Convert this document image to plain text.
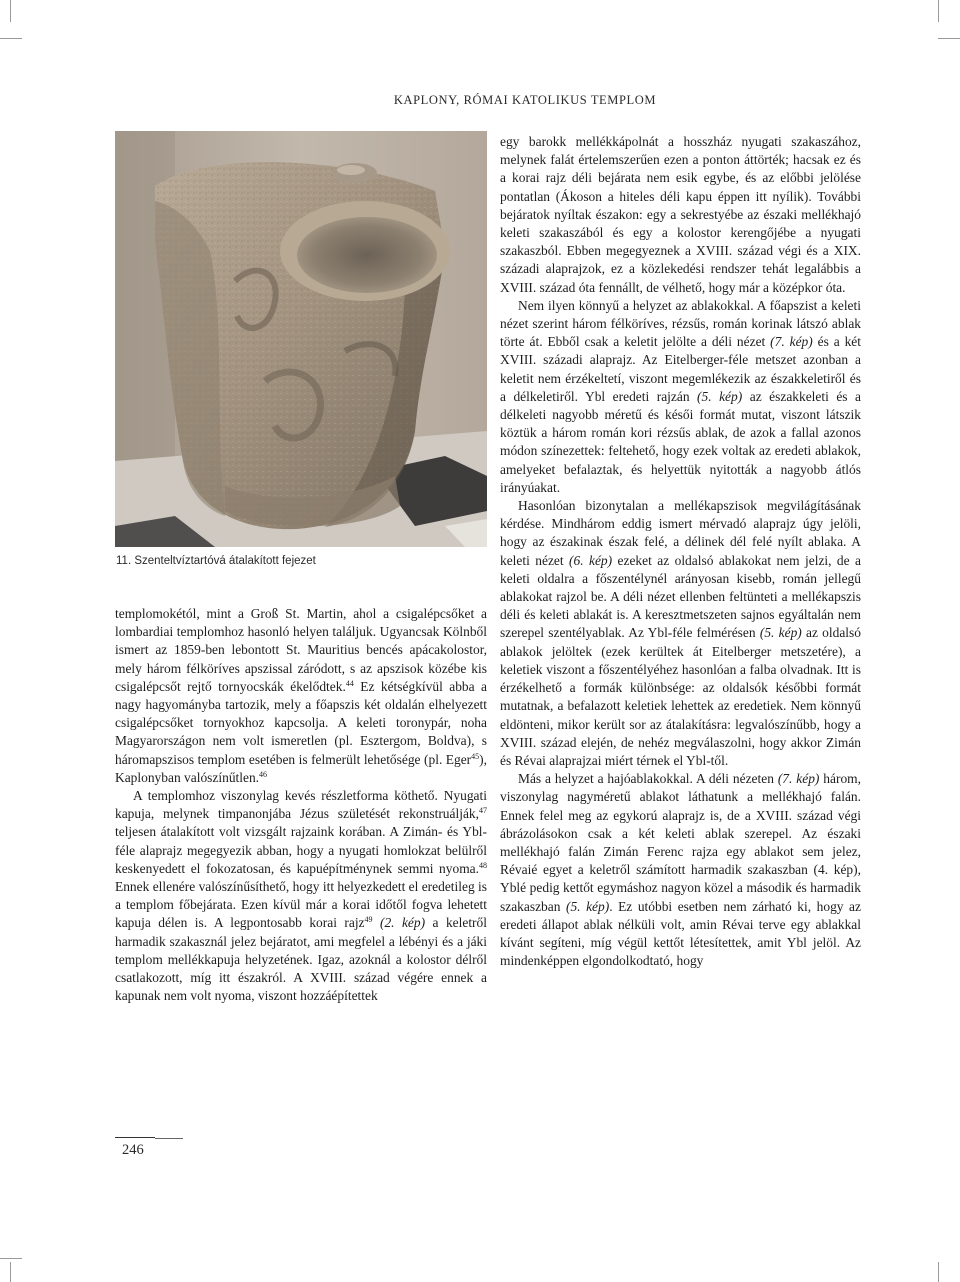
KAPLONY, RÓMAI KATOLIKUS TEMPLOM
11. Szenteltvíztartóvá átalakított fejezet

templomokétól, mint a Groß St. Martin, ahol a csigalépcsőket a lombardiai templomhoz hasonló helyen találjuk. Ugyancsak Kölnből ismert az 1859-ben lebontott St. Mauritius bencés apácakolostor, mely három félköríves apszissal záródott, s az apszisok közébe kis csigalépcsőt rejtő tornyocskák ékelődtek.$^{44}$ Ez kétségkívül abba a nagy hagyományba tartozik, mely a főapszis két oldalán elhelyezett csigalépcsőket tornyokhoz kapcsolja. A keleti toronypár, noha Magyarországon nem volt ismeretlen (pl. Esztergom, Boldva), s háromapszisos templom esetében is felmerült lehetősége (pl. Eger$^{45}$), Kaplonyban valószínűtlen.$^{46}$

A templomhoz viszonylag kevés részletforma köthető. Nyugati kapuja, melynek timpanonjába Jézus születését rekonstruálják,$^{47}$ teljesen átalakított volt vizsgált rajzaink korában. A Zimán- és Ybl-féle alaprajz megegyezik abban, hogy a nyugati homlokzat belülről keskenyedett el fokozatosan, és kapuépítménynek semmi nyoma.$^{48}$ Ennek ellenére valószínűsíthető, hogy itt helyezkedett el eredetileg is a templom főbejárata. Ezen kívül már a korai időtől fogva lehetett kapuja délen is. A legpontosabb korai rajz$^{49}$ (2. kép) a keletről harmadik szakasznál jelez bejáratot, ami megfelel a lébényi és a jáki templom mellékkapuja helyzetének. Igaz, azoknál a kolostor délről csatlakozott, míg itt északról. A XVIII. század végére ennek a kapunak nem volt nyoma, viszont hozzáépítettek

egy barokk mellékkápolnát a hosszház nyugati szakaszához, melynek falát értelemszerűen ezen a ponton áttörték; hacsak ez és a korai rajz déli bejárata nem esik egybe, és az előbbi jelölése pontatlan (Ákoson a hiteles déli kapu éppen itt nyílik). További bejáratok nyíltak északon: egy a sekrestyébe az északi mellékhajó keleti szakaszából és egy a kolostor kerengőjébe a nyugati szakaszból. Ebben megegyeznek a XVIII. század végi és a XIX. századi alaprajzok, ez a közlekedési rendszer tehát legalábbis a XVIII. század óta fennállt, de vélhető, hogy már a középkor óta.

Nem ilyen könnyű a helyzet az ablakokkal. A főapszist a keleti nézet szerint három félköríves, rézsűs, román korinak látszó ablak törte át. Ebből csak a keletit jelölte a déli nézet (7. kép) és a két XVIII. századi alaprajz. Az Eitelberger-féle metszet azonban a keletit nem érzékeltetí, viszont megemlékezik az északkeletiről és a délkeletiről. Ybl eredeti rajzán (5. kép) az északkeleti és a délkeleti nagyobb méretű és késői formát mutat, viszont látszik köztük a három román kori rézsűs ablak, de azok a fallal azonos módon színezettek: feltehető, hogy ezek voltak az eredeti ablakok, amelyeket befalaztak, és helyettük nyitották a nagyobb átlós irányúakat.

Hasonlóan bizonytalan a mellékapszisok megvilágításának kérdése. Mindhárom eddig ismert mérvadó alaprajz úgy jelöli, hogy az északinak észak felé, a délinek dél felé nyílt ablaka. A keleti nézet (6. kép) ezeket az oldalsó ablakokat nem jelzi, de a keleti oldalra a főszentélynél arányosan kisebb, román jellegű ablakokat rajzol be. A déli nézet ellenben feltünteti a mellékapszis déli és keleti ablakát is. A keresztmetszeten sajnos egyáltalán nem szerepel szentélyablak. Az Ybl-féle felmérésen (5. kép) az oldalsó ablakok jelöltek (ezek kerültek át Eitelberger metszetére), a keletiek viszont a főszentélyéhez hasonlóan a falba olvadnak. Itt is érzékelhető a formák különbsége: az oldalsók későbbi formát mutatnak, a befalazott keletiek lehettek az eredetiek. Nem könnyű eldönteni, mikor került sor az átalakításra: legvalószínűbb, hogy a XVIII. század elején, de nehéz megválaszolni, hogy akkor Zimán és Révai alaprajzai miért térnek el Ybl-től.

Más a helyzet a hajóablakokkal. A déli nézeten (7. kép) három, viszonylag nagyméretű ablakot láthatunk a mellékhajó falán. Ennek felel meg az egykorú alaprajz is, de a XVIII. század végi ábrázolásokon csak a két keleti ablak szerepel. Az északi mellékhajó falán Zimán Ferenc rajza egy ablakot sem jelez, Révaié egyet a keletről számított harmadik szakaszban (4. kép), Yblé pedig kettőt egymáshoz nagyon közel a második és harmadik szakaszban (5. kép). Ez utóbbi esetben nem zárható ki, hogy az eredeti állapot ablak nélküli volt, amin Révai terve egy ablakkal kívánt segíteni, míg végül kettőt létesítettek, amit Ybl jelöl. Az mindenképpen elgondolkodtató, hogy

246
